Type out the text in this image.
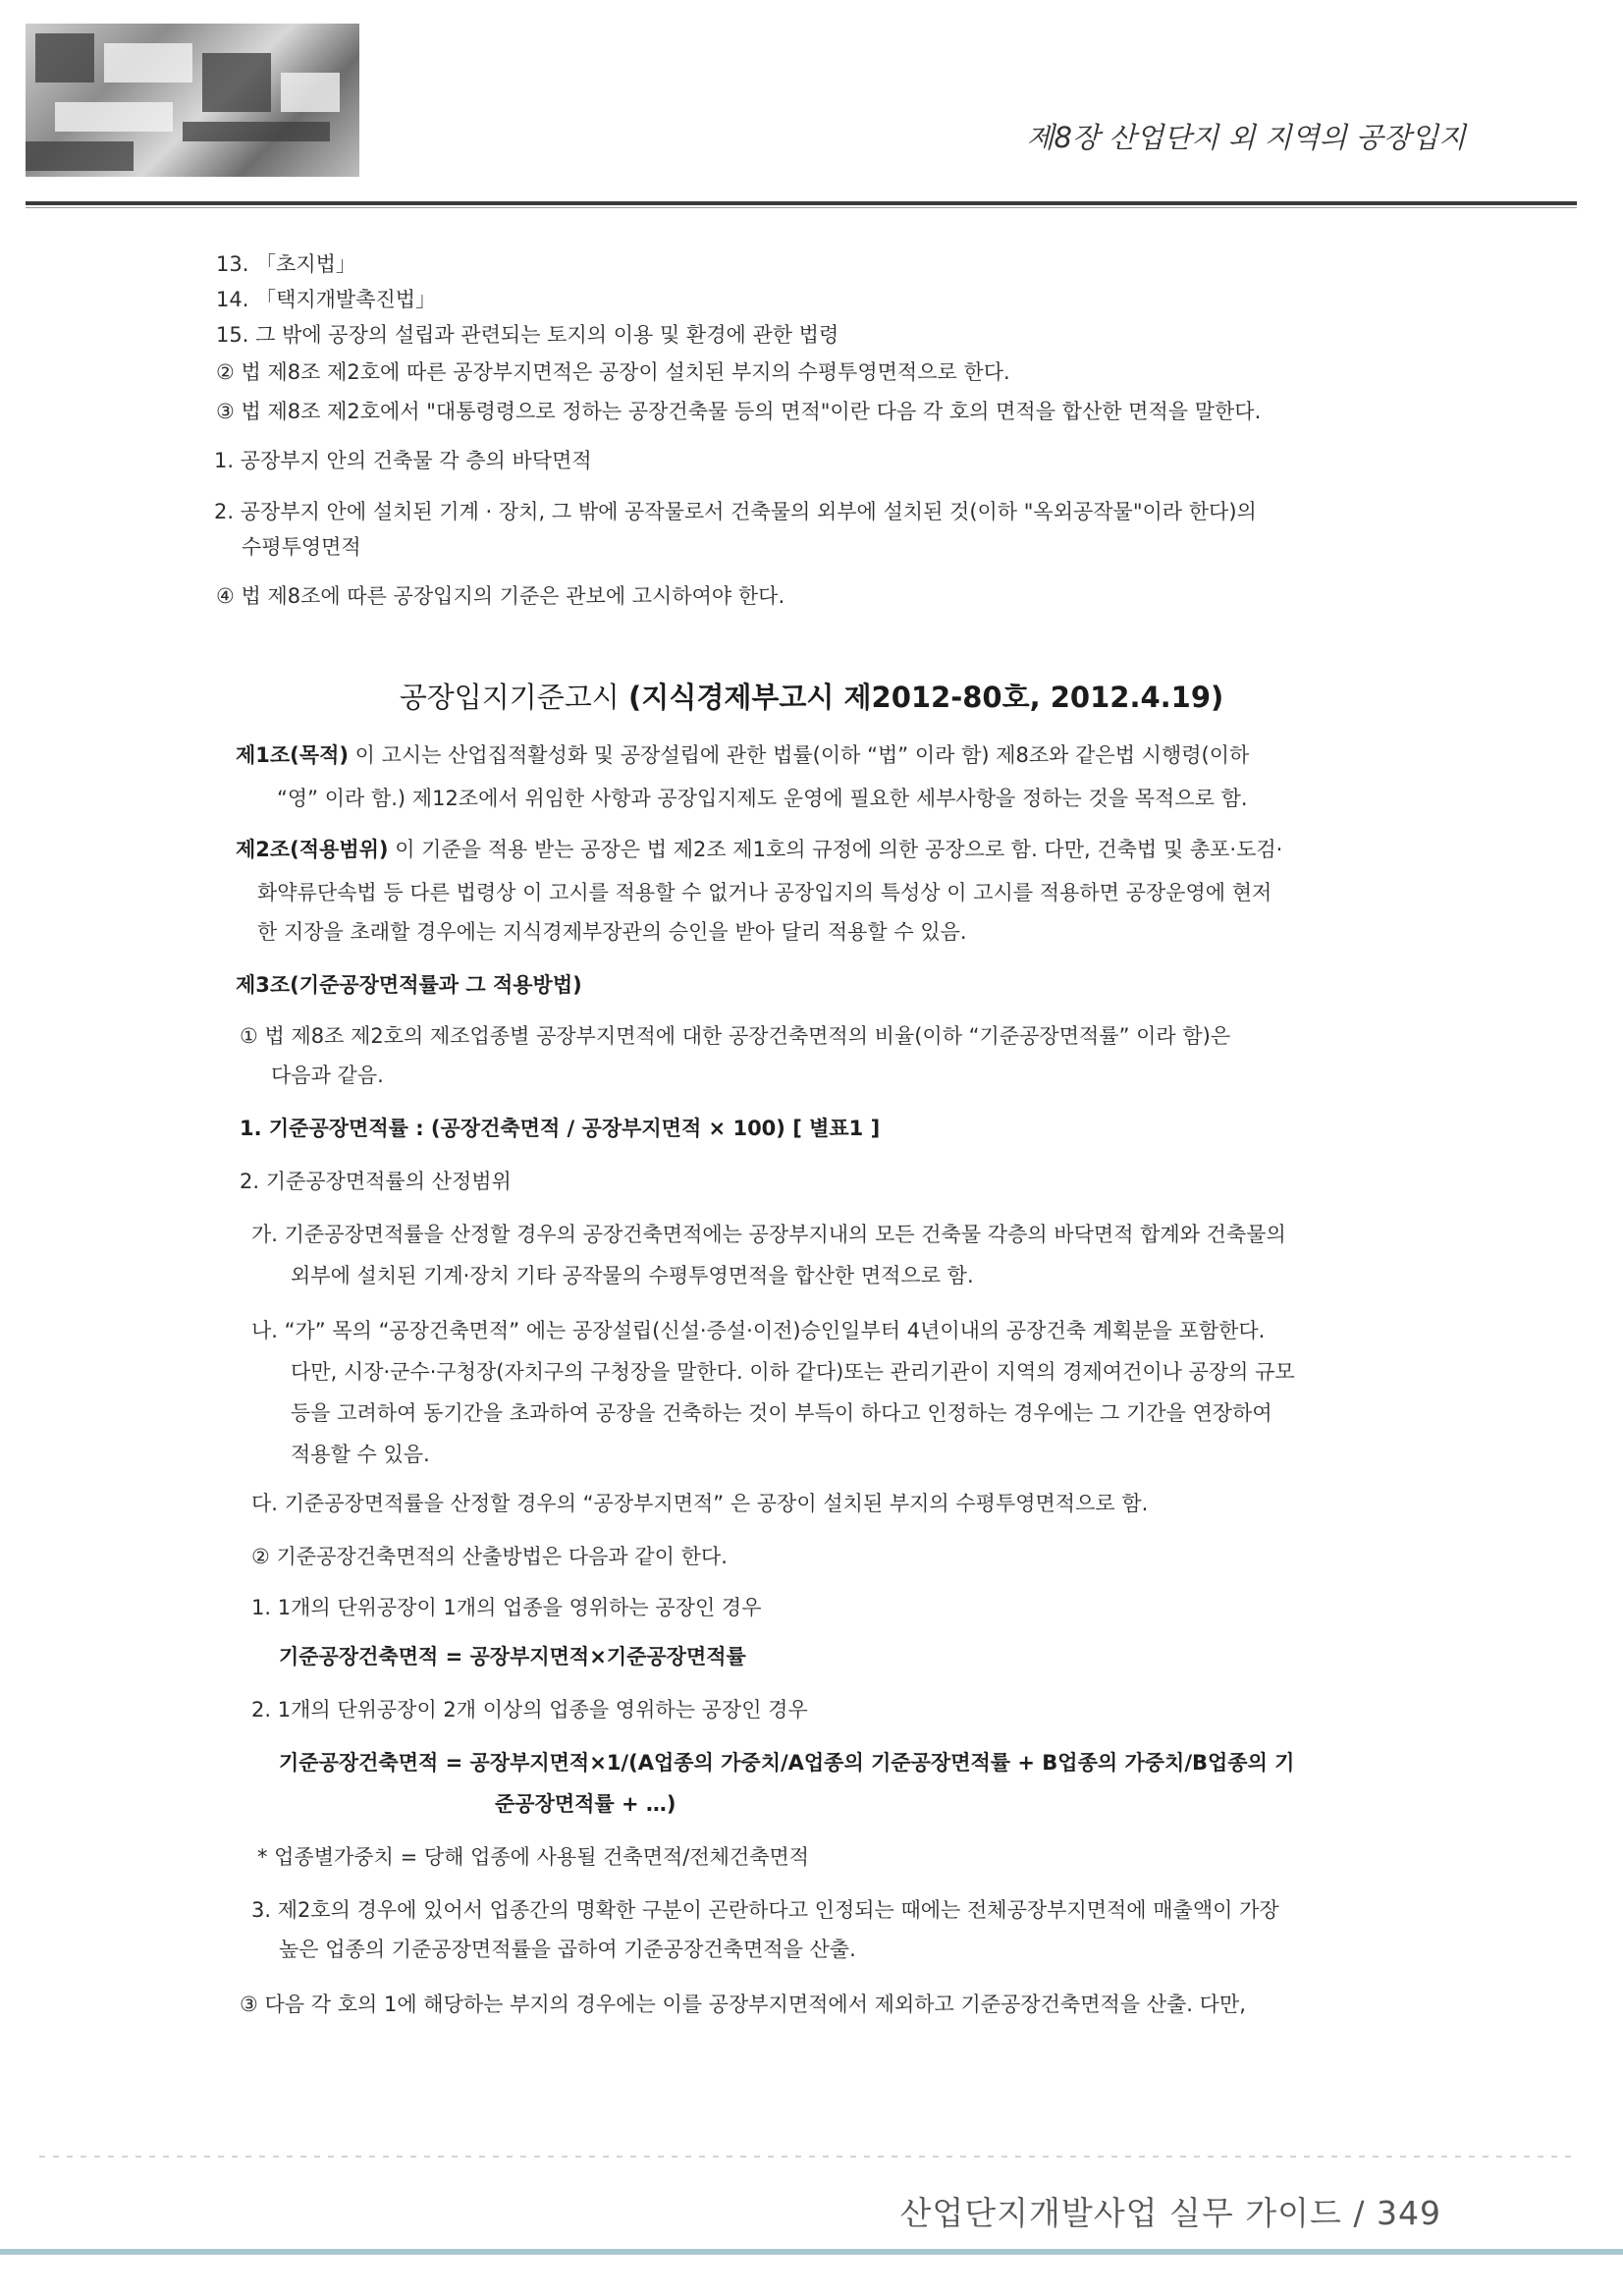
제8장 산업단지 외 지역의 공장입지
13. 「초지법」
14. 「택지개발촉진법」
15. 그 밖에 공장의 설립과 관련되는 토지의 이용 및 환경에 관한 법령
② 법 제8조 제2호에 따른 공장부지면적은 공장이 설치된 부지의 수평투영면적으로 한다.
③ 법 제8조 제2호에서 "대통령령으로 정하는 공장건축물 등의 면적"이란 다음 각 호의 면적을 합산한 면적을 말한다.
1. 공장부지 안의 건축물 각 층의 바닥면적
2. 공장부지 안에 설치된 기계 · 장치, 그 밖에 공작물로서 건축물의 외부에 설치된 것(이하 "옥외공작물"이라 한다)의
수평투영면적
④ 법 제8조에 따른 공장입지의 기준은 관보에 고시하여야 한다.
공장입지기준고시 (지식경제부고시 제2012-80호, 2012.4.19)
제1조(목적) 이 고시는 산업집적활성화 및 공장설립에 관한 법률(이하 “법” 이라 함) 제8조와 같은법 시행령(이하
“영” 이라 함.) 제12조에서 위임한 사항과 공장입지제도 운영에 필요한 세부사항을 정하는 것을 목적으로 함.
제2조(적용범위) 이 기준을 적용 받는 공장은 법 제2조 제1호의 규정에 의한 공장으로 함. 다만, 건축법 및 총포·도검·
화약류단속법 등 다른 법령상 이 고시를 적용할 수 없거나 공장입지의 특성상 이 고시를 적용하면 공장운영에 현저
한 지장을 초래할 경우에는 지식경제부장관의 승인을 받아 달리 적용할 수 있음.
제3조(기준공장면적률과 그 적용방법)
① 법 제8조 제2호의 제조업종별 공장부지면적에 대한 공장건축면적의 비율(이하 “기준공장면적률” 이라 함)은
다음과 같음.
1. 기준공장면적률 : (공장건축면적 / 공장부지면적 × 100) [ 별표1 ]
2. 기준공장면적률의 산정범위
가. 기준공장면적률을 산정할 경우의 공장건축면적에는 공장부지내의 모든 건축물 각층의 바닥면적 합계와 건축물의
외부에 설치된 기계·장치 기타 공작물의 수평투영면적을 합산한 면적으로 함.
나. “가” 목의 “공장건축면적” 에는 공장설립(신설·증설·이전)승인일부터 4년이내의 공장건축 계획분을 포함한다.
다만, 시장·군수·구청장(자치구의 구청장을 말한다. 이하 같다)또는 관리기관이 지역의 경제여건이나 공장의 규모
등을 고려하여 동기간을 초과하여 공장을 건축하는 것이 부득이 하다고 인정하는 경우에는 그 기간을 연장하여
적용할 수 있음.
다. 기준공장면적률을 산정할 경우의 “공장부지면적” 은 공장이 설치된 부지의 수평투영면적으로 함.
② 기준공장건축면적의 산출방법은 다음과 같이 한다.
1. 1개의 단위공장이 1개의 업종을 영위하는 공장인 경우
기준공장건축면적 = 공장부지면적×기준공장면적률
2. 1개의 단위공장이 2개 이상의 업종을 영위하는 공장인 경우
기준공장건축면적 = 공장부지면적×1/(A업종의 가중치/A업종의 기준공장면적률 + B업종의 가중치/B업종의 기
준공장면적률 + …)
* 업종별가중치 = 당해 업종에 사용될 건축면적/전체건축면적
3. 제2호의 경우에 있어서 업종간의 명확한 구분이 곤란하다고 인정되는 때에는 전체공장부지면적에 매출액이 가장
높은 업종의 기준공장면적률을 곱하여 기준공장건축면적을 산출.
③ 다음 각 호의 1에 해당하는 부지의 경우에는 이를 공장부지면적에서 제외하고 기준공장건축면적을 산출. 다만,
산업단지개발사업 실무 가이드 / 349
